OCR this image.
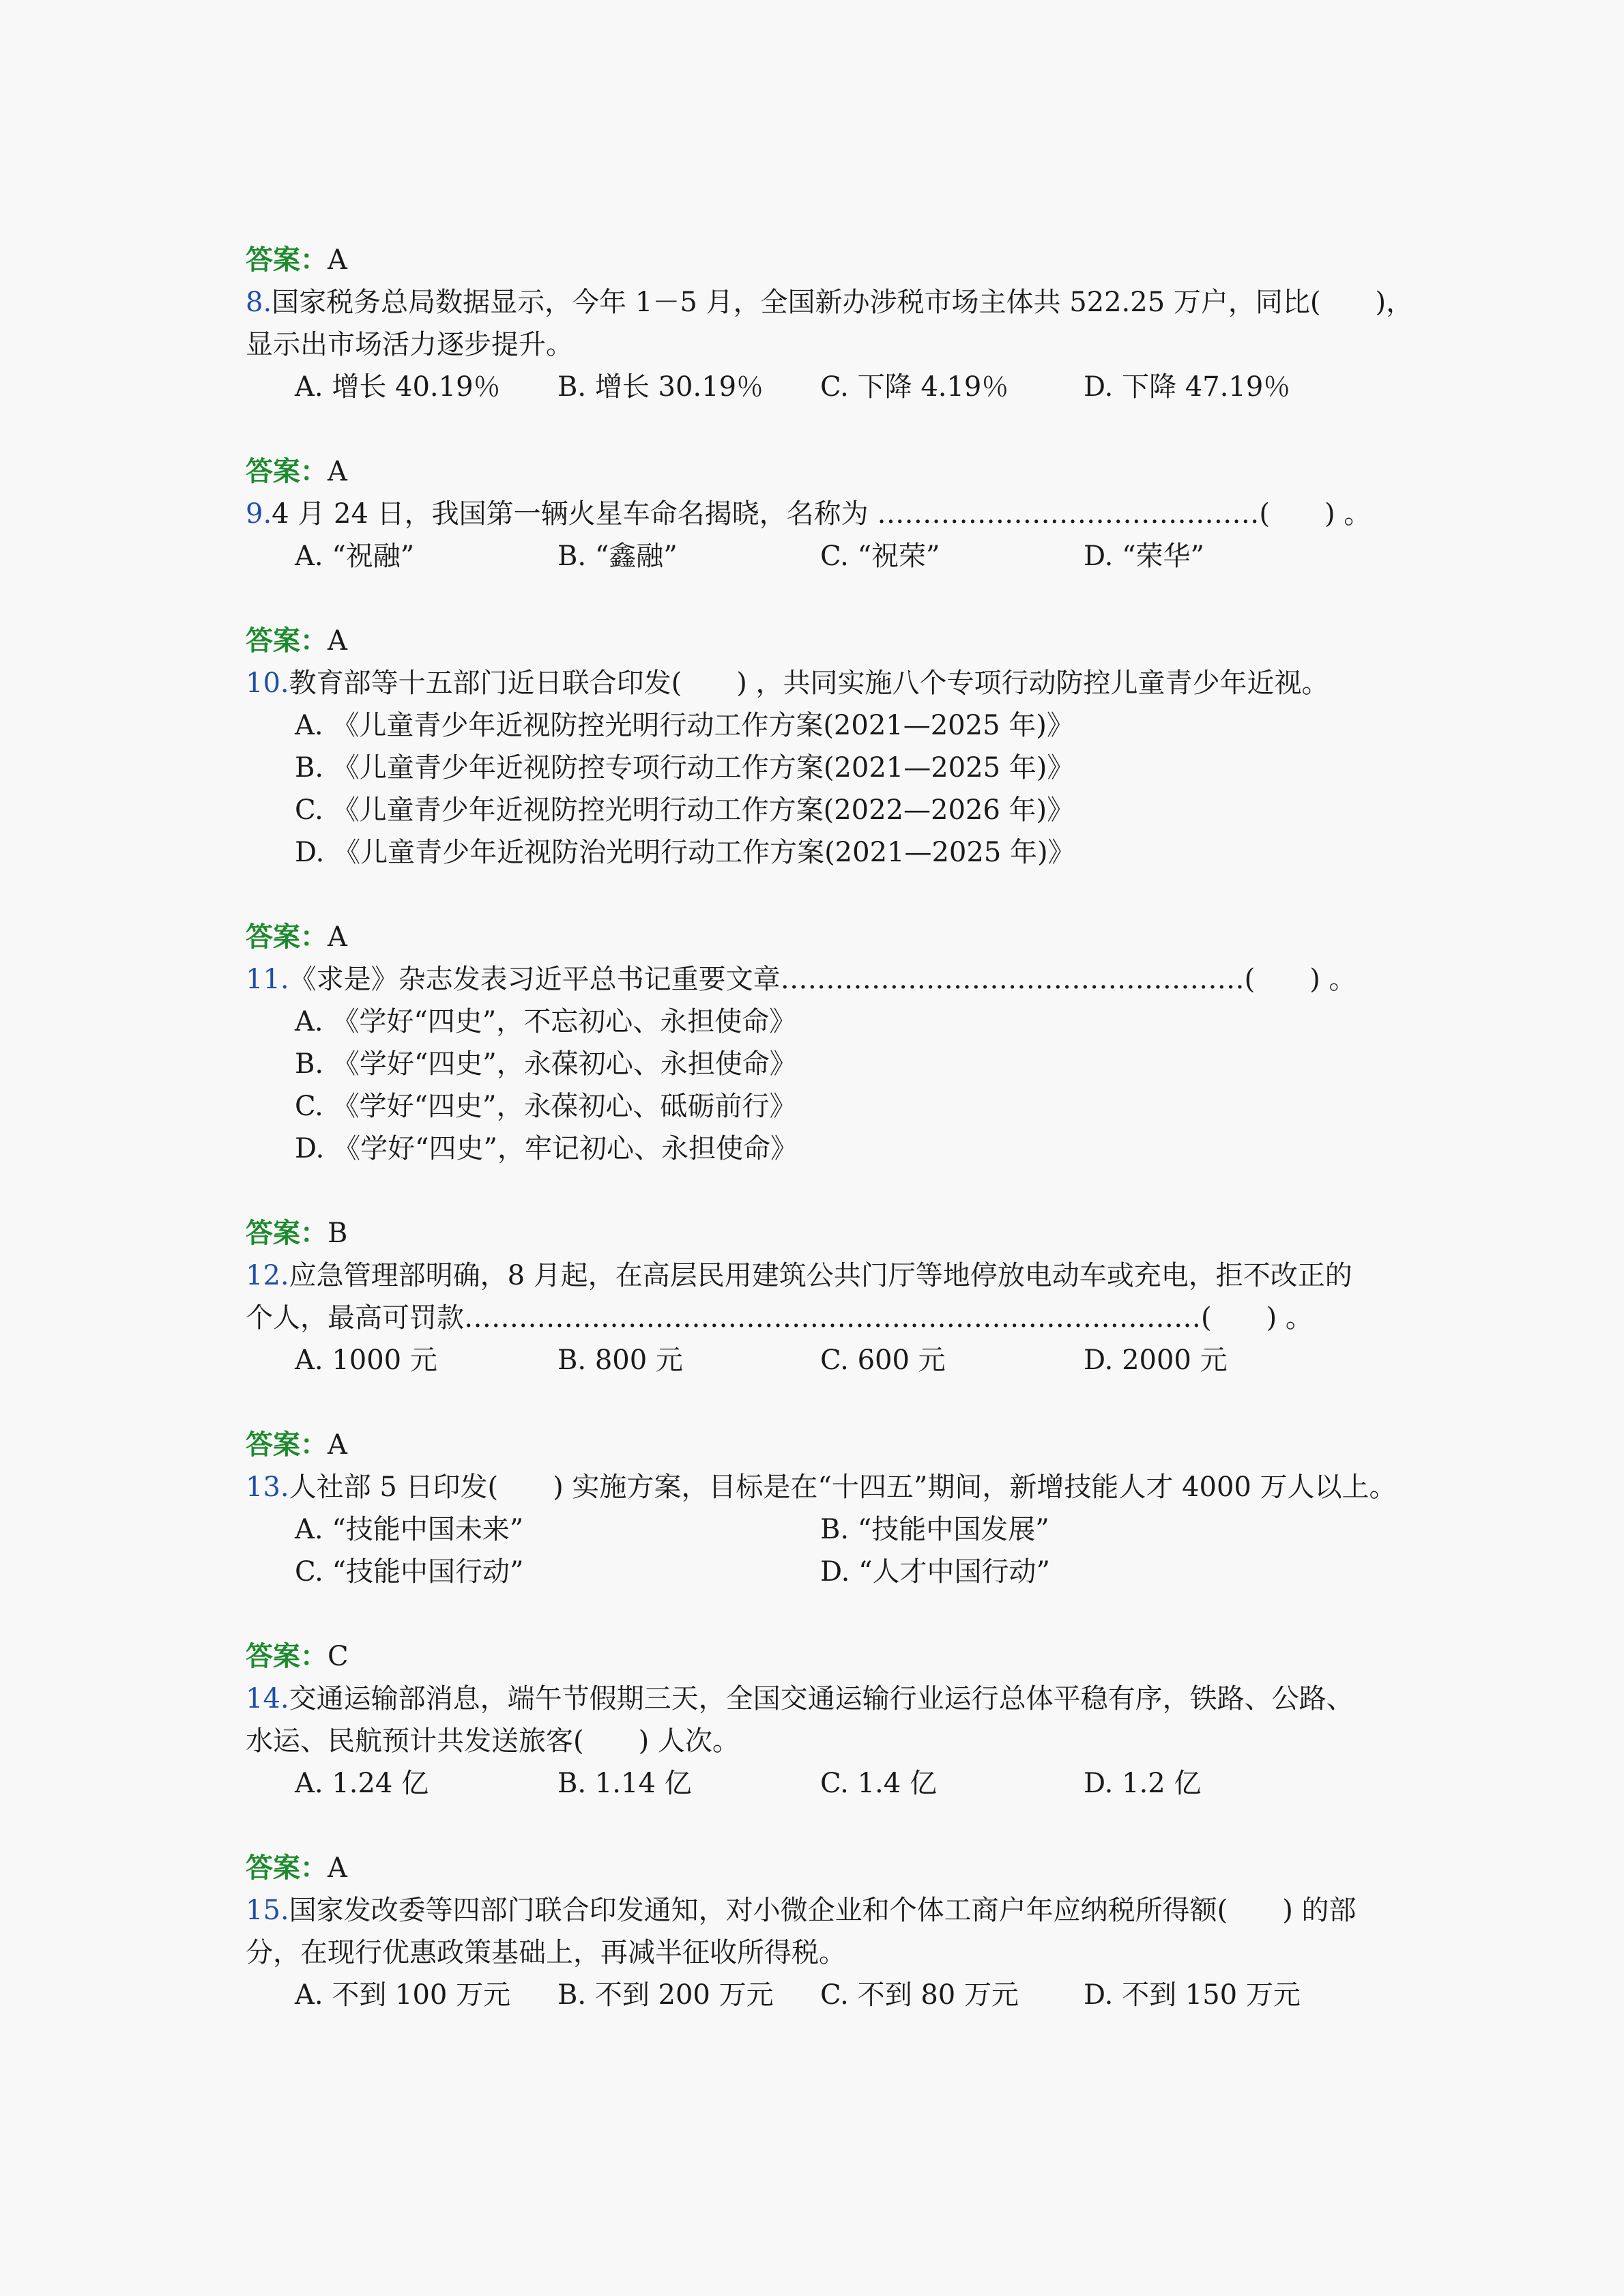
答案：A
8.国家税务总局数据显示，今年 1－5 月，全国新办涉税市场主体共 522.25 万户，同比(　　)，
显示出市场活力逐步提升。
A. 增长 40.19％ B. 增长 30.19％ C. 下降 4.19％	D. 下降 47.19％
答案：A
9.4 月 24 日，我国第一辆火星车命名揭晓，名称为 ……………………………………(　　) 。
A. “祝融”	B. “鑫融”	C. “祝荣”	D. “荣华”
答案：A
10.教育部等十五部门近日联合印发(　　) ，共同实施八个专项行动防控儿童青少年近视。
A. 《儿童青少年近视防控光明行动工作方案(2021—2025 年)》
B. 《儿童青少年近视防控专项行动工作方案(2021—2025 年)》
C. 《儿童青少年近视防控光明行动工作方案(2022—2026 年)》
D. 《儿童青少年近视防治光明行动工作方案(2021—2025 年)》
答案：A
11.《求是》杂志发表习近平总书记重要文章……………………………………………(　　) 。
A. 《学好“四史”，不忘初心、永担使命》
B. 《学好“四史”，永葆初心、永担使命》
C. 《学好“四史”，永葆初心、砥砺前行》
D. 《学好“四史”，牢记初心、永担使命》
答案：B
12.应急管理部明确，8 月起，在高层民用建筑公共门厅等地停放电动车或充电，拒不改正的
个人，最高可罚款………………………………………………………………………(　　) 。
A. 1000 元	B. 800 元	C. 600 元	D. 2000 元
答案：A
13.人社部 5 日印发(　　) 实施方案，目标是在“十四五”期间，新增技能人才 4000 万人以上。
A. “技能中国未来”	B. “技能中国发展”
C. “技能中国行动”	D. “人才中国行动”
答案：C
14.交通运输部消息，端午节假期三天，全国交通运输行业运行总体平稳有序，铁路、公路、
水运、民航预计共发送旅客(　　) 人次。
A. 1.24 亿	B. 1.14 亿	C. 1.4 亿	D. 1.2 亿
答案：A
15.国家发改委等四部门联合印发通知，对小微企业和个体工商户年应纳税所得额(　　) 的部
分，在现行优惠政策基础上，再减半征收所得税。
A. 不到 100 万元 B. 不到 200 万元 C. 不到 80 万元 D. 不到 150 万元
